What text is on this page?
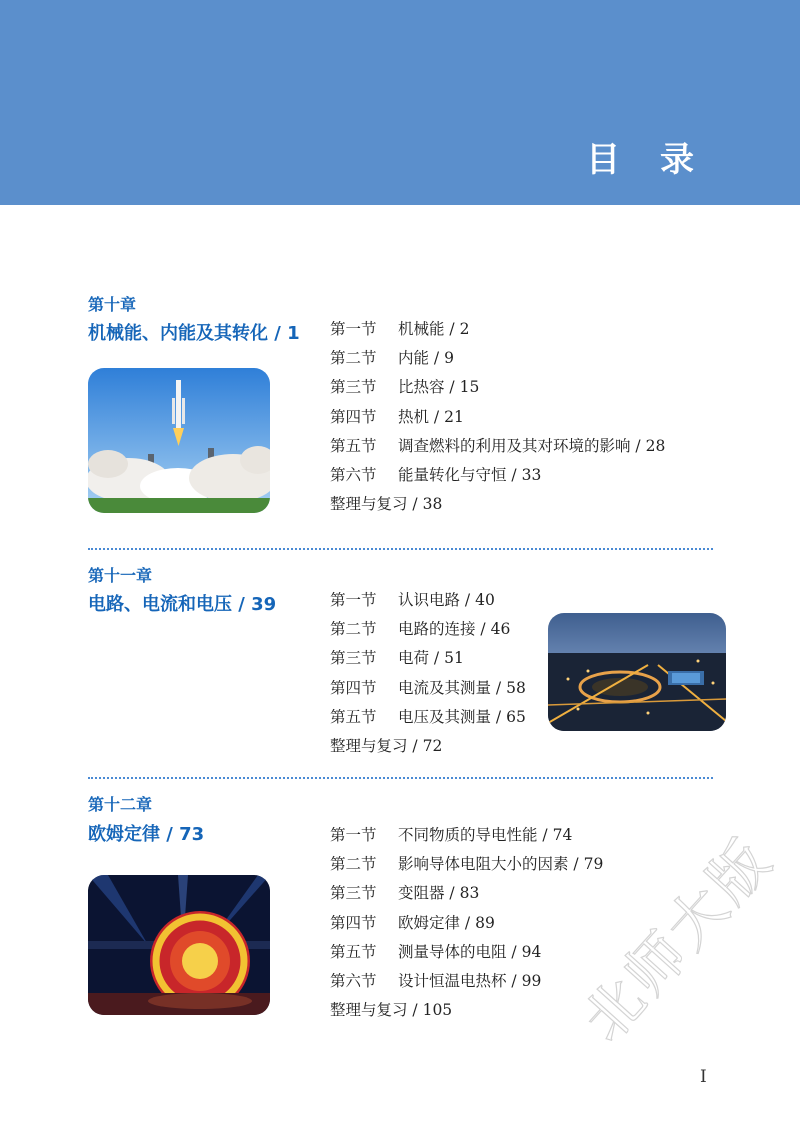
目 录
第十章
机械能、内能及其转化 / 1 第一节 机械能 / 2
第二节 内能 / 9
第三节 比热容 / 15
第四节 热机 / 21
第五节 调查燃料的利用及其对环境的影响 / 28
第六节 能量转化与守恒 / 33
整理与复习 / 38
第十一章
电路、电流和电压 / 39	第一节 认识电路 / 40
第二节 电路的连接 / 46
第三节 电荷 / 51
第四节 电流及其测量 / 58
第五节 电压及其测量 / 65
整理与复习 / 72
第十二章
欧姆定律 / 73	第一节 不同物质的导电性能 / 74
第二节 影响导体电阻大小的因素 / 79
第三节 变阻器 / 83
第四节 欧姆定律 / 89
第五节 测量导体的电阻 / 94
第六节 设计恒温电热杯 / 99
整理与复习 / 105
I
北师大版
